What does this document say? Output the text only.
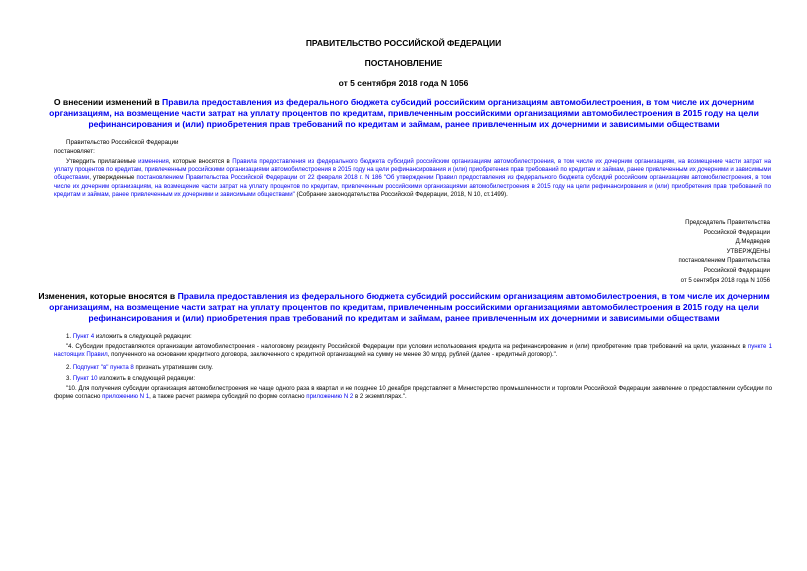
ПРАВИТЕЛЬСТВО РОССИЙСКОЙ ФЕДЕРАЦИИ
ПОСТАНОВЛЕНИЕ
от 5 сентября 2018 года N 1056
О внесении изменений в Правила предоставления из федерального бюджета субсидий российским организациям автомобилестроения, в том числе их дочерним организациям, на возмещение части затрат на уплату процентов по кредитам, привлеченным российскими организациями автомобилестроения в 2015 году на цели рефинансирования и (или) приобретения прав требований по кредитам и займам, ранее привлеченным их дочерними и зависимыми обществами
Правительство Российской Федерации
постановляет:
Утвердить прилагаемые изменения, которые вносятся в Правила предоставления из федерального бюджета субсидий российским организациям автомобилестроения, в том числе их дочерним организациям, на возмещение части затрат на уплату процентов по кредитам, привлеченным российскими организациями автомобилестроения в 2015 году на цели рефинансирования и (или) приобретения прав требований по кредитам и займам, ранее привлеченным их дочерними и зависимыми обществами, утвержденные постановлением Правительства Российской Федерации от 22 февраля 2018 г. N 186 "Об утверждении Правил предоставления из федерального бюджета субсидий российским организациям автомобилестроения, в том числе их дочерним организациям, на возмещение части затрат на уплату процентов по кредитам, привлеченным российскими организациями автомобилестроения в 2015 году на цели рефинансирования и (или) приобретения прав требований по кредитам и займам, ранее привлеченным их дочерними и зависимыми обществами" (Собрание законодательства Российской Федерации, 2018, N 10, ст.1499).
Председатель Правительства
Российской Федерации
Д.Медведев
УТВЕРЖДЕНЫ
постановлением Правительства
Российской Федерации
от 5 сентября 2018 года N 1056
Изменения, которые вносятся в Правила предоставления из федерального бюджета субсидий российским организациям автомобилестроения, в том числе их дочерним организациям, на возмещение части затрат на уплату процентов по кредитам, привлеченным российскими организациями автомобилестроения в 2015 году на цели рефинансирования и (или) приобретения прав требований по кредитам и займам, ранее привлеченным их дочерними и зависимыми обществами
1. Пункт 4 изложить в следующей редакции:
"4. Субсидии предоставляются организации автомобилестроения - налоговому резиденту Российской Федерации при условии использования кредита на рефинансирование и (или) приобретение прав требований на цели, указанных в пункте 1 настоящих Правил, полученного на основании кредитного договора, заключенного с кредитной организацией на сумму не менее 30 млрд. рублей (далее - кредитный договор).".
2. Подпункт "в" пункта 8 признать утратившим силу.
3. Пункт 10 изложить в следующей редакции:
"10. Для получения субсидии организация автомобилестроения не чаще одного раза в квартал и не позднее 10 декабря представляет в Министерство промышленности и торговли Российской Федерации заявление о предоставлении субсидии по форме согласно приложению N 1, а также расчет размера субсидий по форме согласно приложению N 2 в 2 экземплярах.".
